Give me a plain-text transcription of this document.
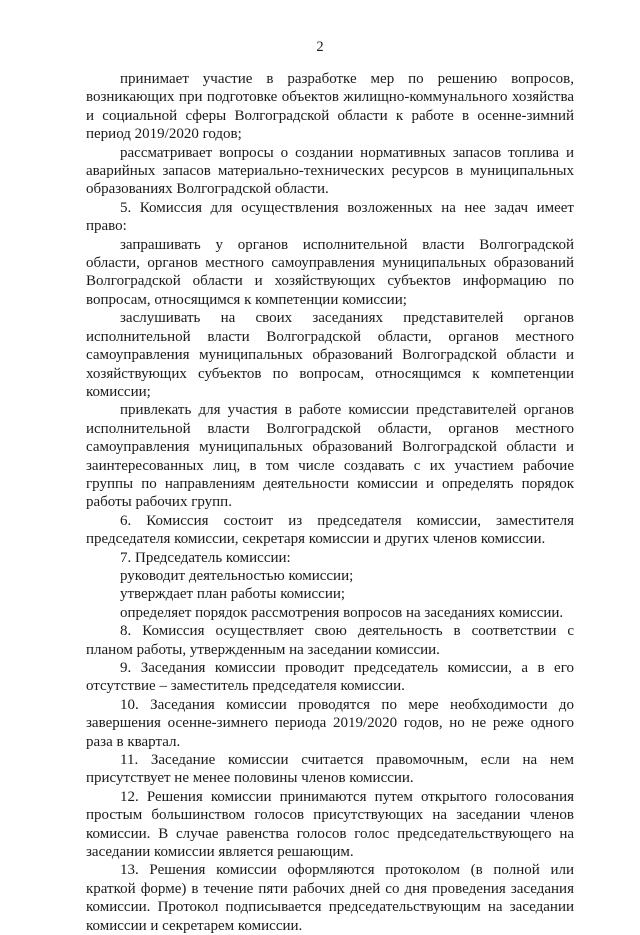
2

принимает участие в разработке мер по решению вопросов, возникающих при подготовке объектов жилищно-коммунального хозяйства и социальной сферы Волгоградской области к работе в осенне-зимний период 2019/2020 годов;

рассматривает вопросы о создании нормативных запасов топлива и аварийных запасов материально-технических ресурсов в муниципальных образованиях Волгоградской области.

5. Комиссия для осуществления возложенных на нее задач имеет право:

запрашивать у органов исполнительной власти Волгоградской области, органов местного самоуправления муниципальных образований Волгоградской области и хозяйствующих субъектов информацию по вопросам, относящимся к компетенции комиссии;

заслушивать на своих заседаниях представителей органов исполнительной власти Волгоградской области, органов местного самоуправления муниципальных образований Волгоградской области и хозяйствующих субъектов по вопросам, относящимся к компетенции комиссии;

привлекать для участия в работе комиссии представителей органов исполнительной власти Волгоградской области, органов местного самоуправления муниципальных образований Волгоградской области и заинтересованных лиц, в том числе создавать с их участием рабочие группы по направлениям деятельности комиссии и определять порядок работы рабочих групп.

6. Комиссия состоит из председателя комиссии, заместителя председателя комиссии, секретаря комиссии и других членов комиссии.

7. Председатель комиссии:

руководит деятельностью комиссии;

утверждает план работы комиссии;

определяет порядок рассмотрения вопросов на заседаниях комиссии.

8. Комиссия осуществляет свою деятельность в соответствии с планом работы, утвержденным на заседании комиссии.

9. Заседания комиссии проводит председатель комиссии, а в его отсутствие – заместитель председателя комиссии.

10. Заседания комиссии проводятся по мере необходимости до завершения осенне-зимнего периода 2019/2020 годов, но не реже одного раза в квартал.

11. Заседание комиссии считается правомочным, если на нем присутствует не менее половины членов комиссии.

12. Решения комиссии принимаются путем открытого голосования простым большинством голосов присутствующих на заседании членов комиссии. В случае равенства голосов голос председательствующего на заседании комиссии является решающим.

13. Решения комиссии оформляются протоколом (в полной или краткой форме) в течение пяти рабочих дней со дня проведения заседания комиссии. Протокол подписывается председательствующим на заседании комиссии и секретарем комиссии.
